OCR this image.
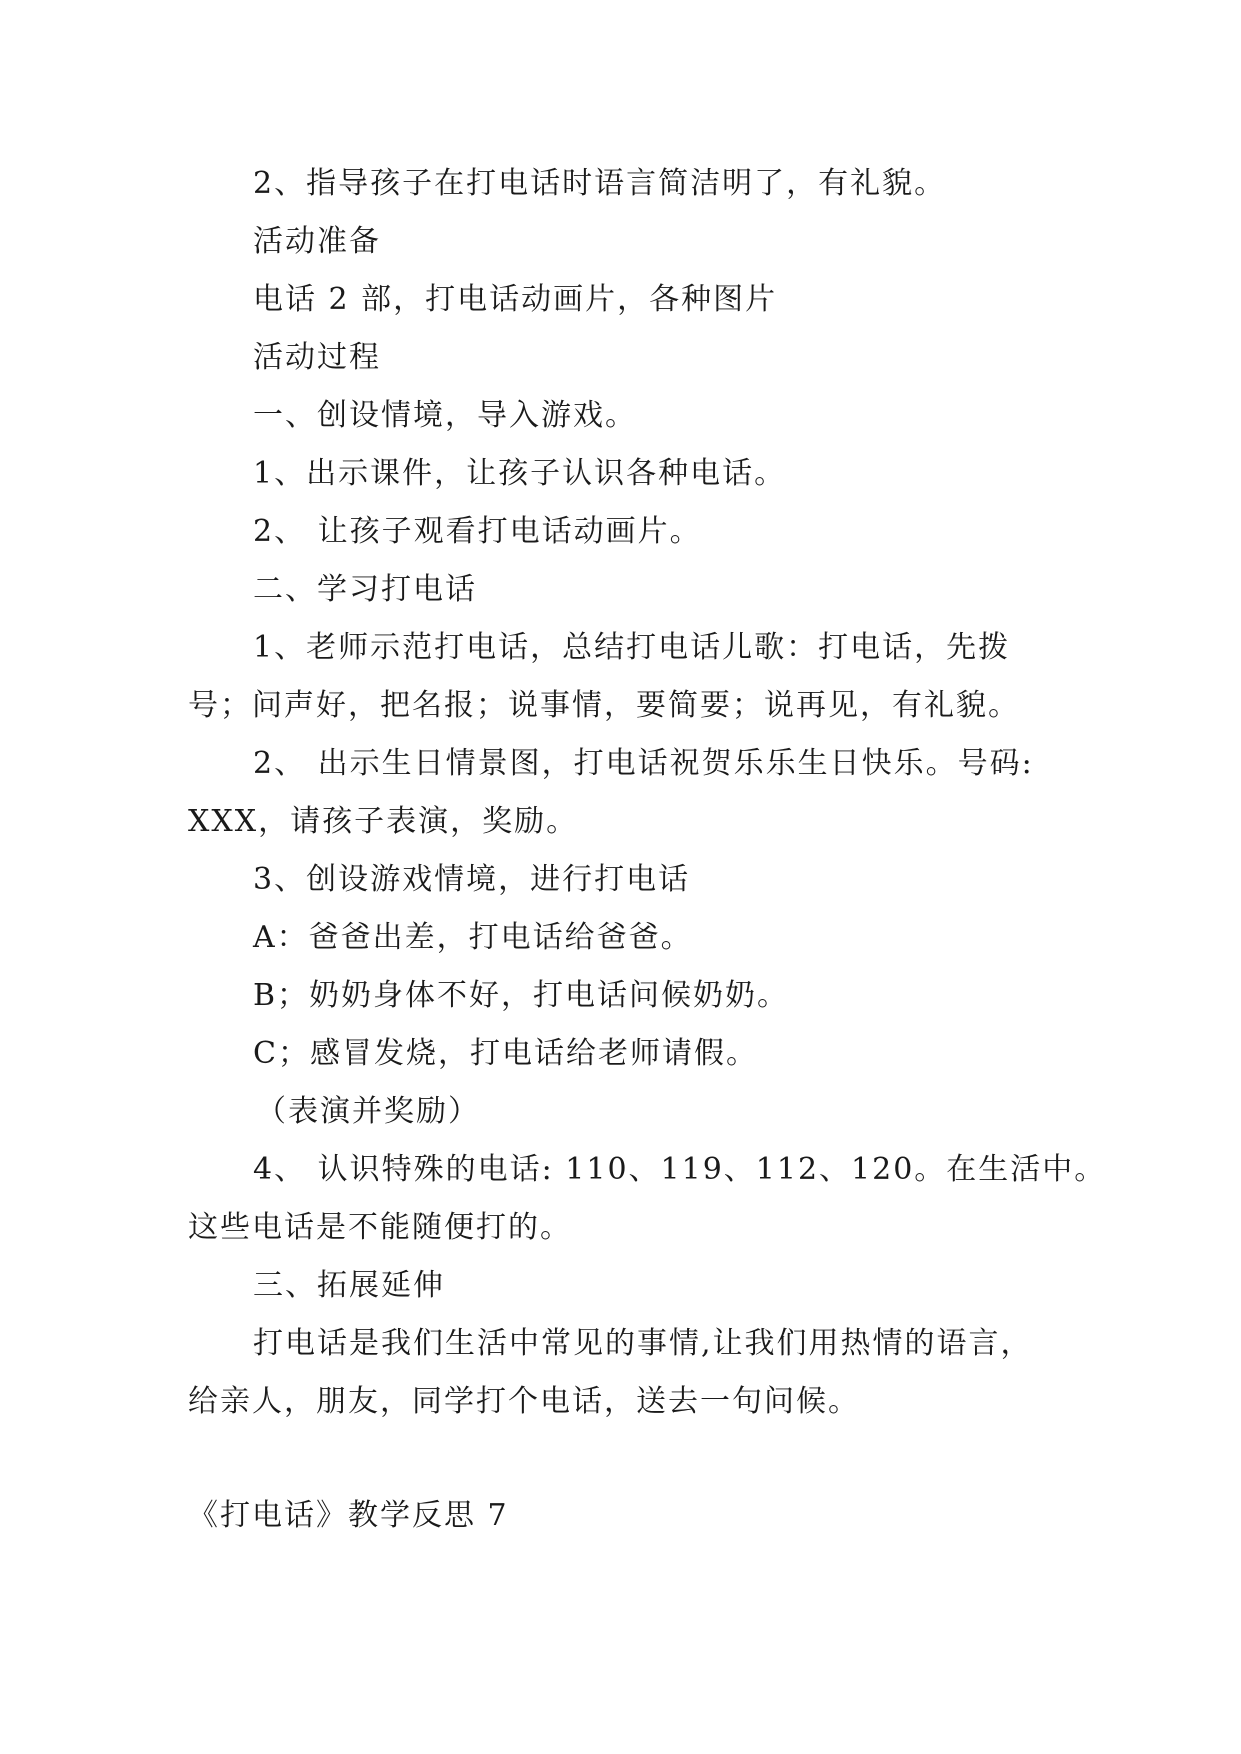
2、指导孩子在打电话时语言简洁明了，有礼貌。
活动准备
电话 2 部，打电话动画片，各种图片
活动过程
一、创设情境，导入游戏。
1、出示课件，让孩子认识各种电话。
2、 让孩子观看打电话动画片。
二、学习打电话
1、老师示范打电话，总结打电话儿歌：打电话，先拨
号；问声好，把名报；说事情，要简要；说再见，有礼貌。
2、 出示生日情景图，打电话祝贺乐乐生日快乐。号码:
XXX，请孩子表演，奖励。
3、创设游戏情境，进行打电话
A：爸爸出差，打电话给爸爸。
B；奶奶身体不好，打电话问候奶奶。
C；感冒发烧，打电话给老师请假。
（表演并奖励）
4、 认识特殊的电话: 110、119、112、120。在生活中。
这些电话是不能随便打的。
三、拓展延伸
打电话是我们生活中常见的事情,让我们用热情的语言，
给亲人，朋友，同学打个电话，送去一句问候。
《打电话》教学反思 7
